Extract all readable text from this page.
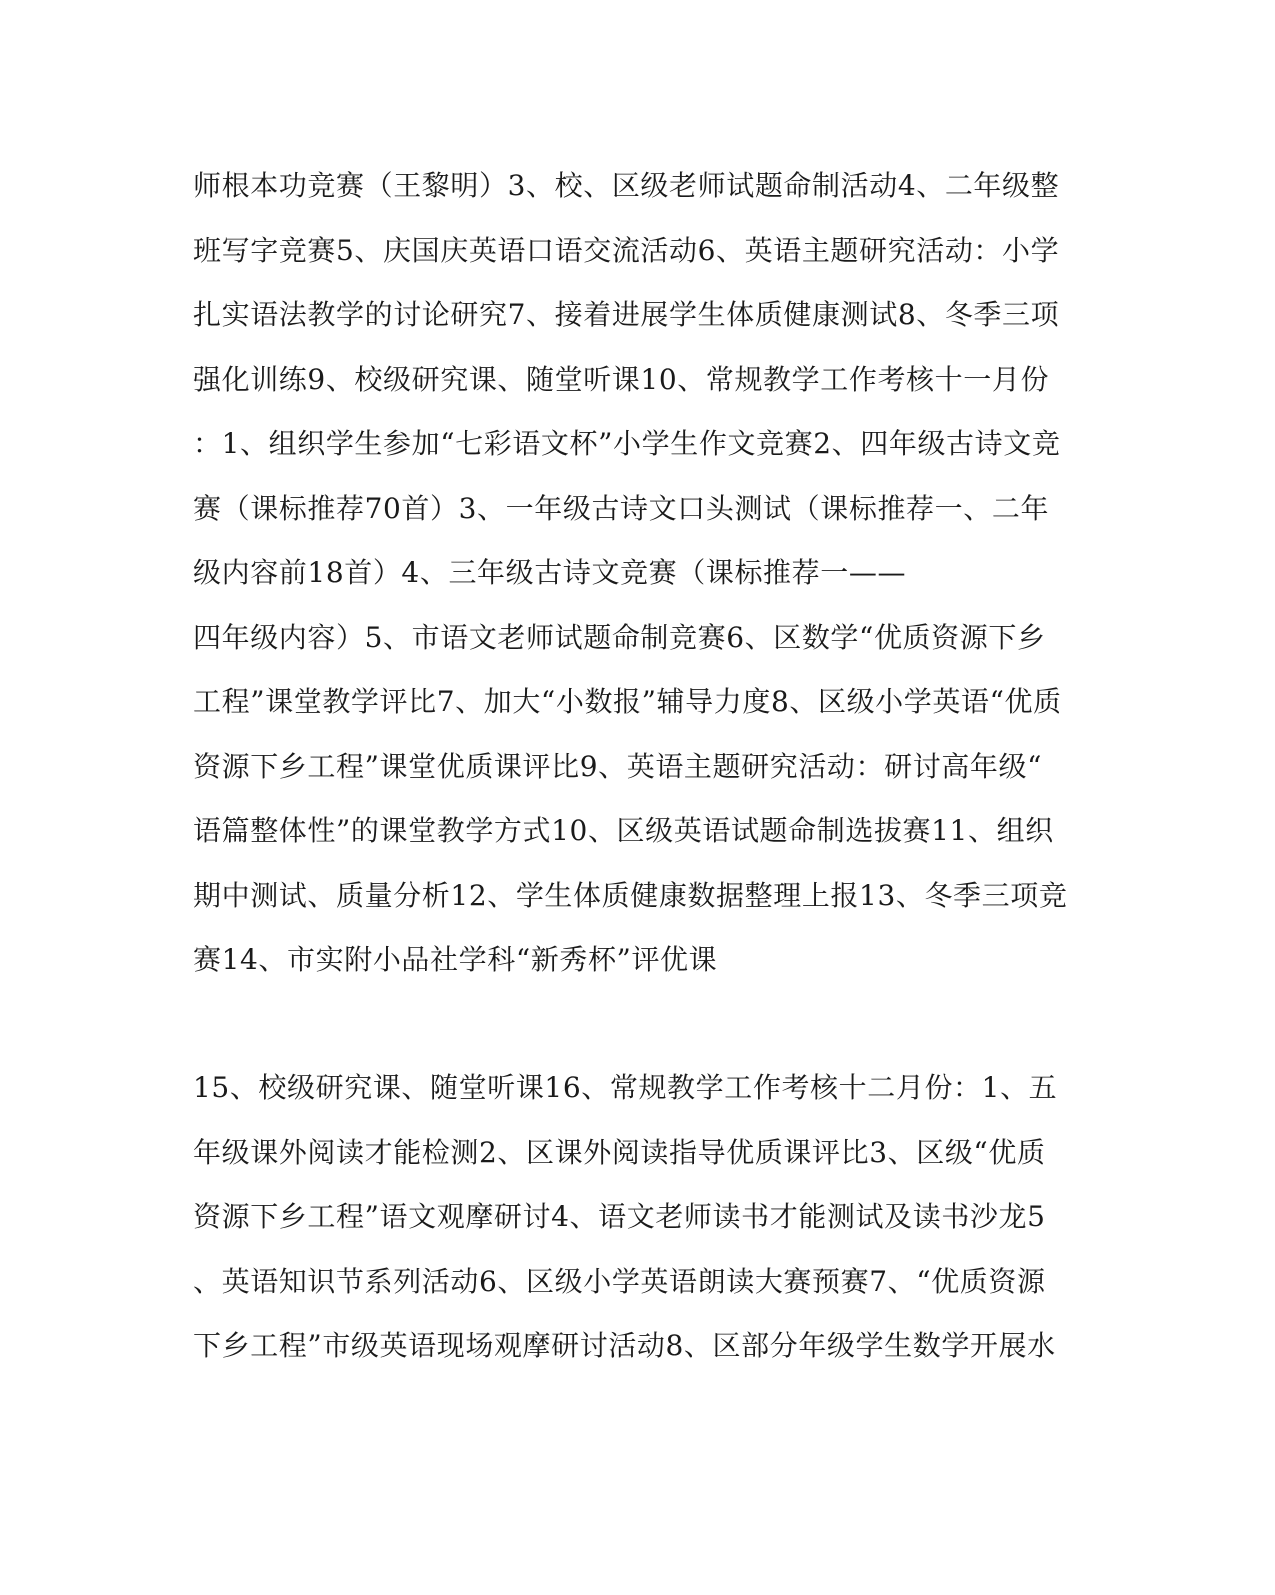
师根本功竞赛（王黎明）3、校、区级老师试题命制活动4、二年级整
班写字竞赛5、庆国庆英语口语交流活动6、英语主题研究活动：小学
扎实语法教学的讨论研究7、接着进展学生体质健康测试8、冬季三项
强化训练9、校级研究课、随堂听课10、常规教学工作考核十一月份
：1、组织学生参加“七彩语文杯”小学生作文竞赛2、四年级古诗文竞
赛（课标推荐70首）3、一年级古诗文口头测试（课标推荐一、二年
级内容前18首）4、三年级古诗文竞赛（课标推荐一——
四年级内容）5、市语文老师试题命制竞赛6、区数学“优质资源下乡
工程”课堂教学评比7、加大“小数报”辅导力度8、区级小学英语“优质
资源下乡工程”课堂优质课评比9、英语主题研究活动：研讨高年级“
语篇整体性”的课堂教学方式10、区级英语试题命制选拔赛11、组织
期中测试、质量分析12、学生体质健康数据整理上报13、冬季三项竞
赛14、市实附小品社学科“新秀杯”评优课
15、校级研究课、随堂听课16、常规教学工作考核十二月份：1、五
年级课外阅读才能检测2、区课外阅读指导优质课评比3、区级“优质
资源下乡工程”语文观摩研讨4、语文老师读书才能测试及读书沙龙5
、英语知识节系列活动6、区级小学英语朗读大赛预赛7、“优质资源
下乡工程”市级英语现场观摩研讨活动8、区部分年级学生数学开展水
